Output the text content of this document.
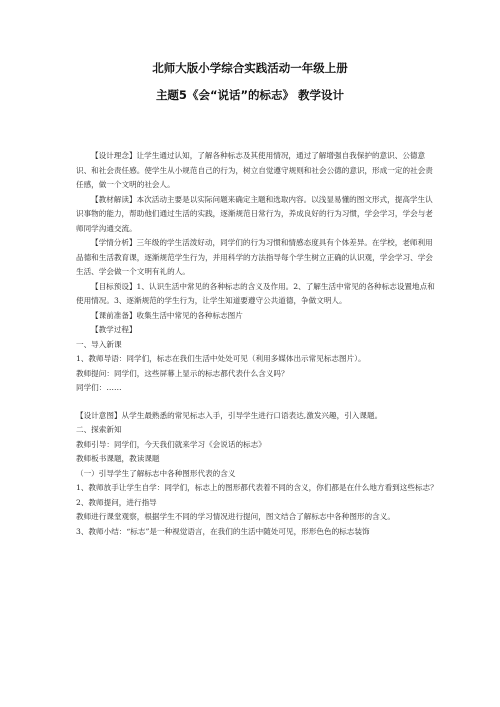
北师大版小学综合实践活动一年级上册
主题5《会“说话”的标志》 教学设计

【设计理念】让学生通过认知，了解各种标志及其使用情况，通过了解增强自我保护的意识、公德意识、和社会责任感。使学生从小规范自己的行为，树立自觉遵守规则和社会公德的意识，形成一定的社会责任感，做一个文明的社会人。

【教材解读】本次活动主要是以实际问题来确定主题和选取内容。以浅显易懂的图文形式，提高学生认识事物的能力，帮助他们通过生活的实践，逐渐规范日常行为，养成良好的行为习惯，学会学习，学会与老师同学沟通交流。

【学情分析】三年级的学生活泼好动，同学们的行为习惯和情感态度具有个体差异。在学校，老师利用品德和生活教育课，逐渐规范学生行为，并用科学的方法指导每个学生树立正确的认识观，学会学习、学会生活、学会做一个文明有礼的人。

【目标预设】1、认识生活中常见的各种标志的含义及作用。2、了解生活中常见的各种标志设置地点和使用情况。3、逐渐规范的学生行为，让学生知道要遵守公共道德，争做文明人。

【课前准备】收集生活中常见的各种标志图片

【教学过程】

一、导入新课

1、教师导语：同学们，标志在我们生活中处处可见（利用多媒体出示常见标志图片）。

教师提问：同学们，这些屏幕上显示的标志都代表什么含义吗？

同学们：……

【设计意图】从学生最熟悉的常见标志入手，引导学生进行口语表达,激发兴趣，引入课题。

二、探索新知

教师引导：同学们，今天我们就来学习《会说话的标志》

教师板书课题，教读课题

（一）引导学生了解标志中各种图形代表的含义

1、教师放手让学生自学：同学们，标志上的图形都代表着不同的含义，你们都是在什么地方看到这些标志？

2、教师提问，进行指导

教师进行课堂观察，根据学生不同的学习情况进行提问，图文结合了解标志中各种图形的含义。

3、教师小结：“标志”是一种视觉语言，在我们的生活中随处可见，形形色色的标志装饰
